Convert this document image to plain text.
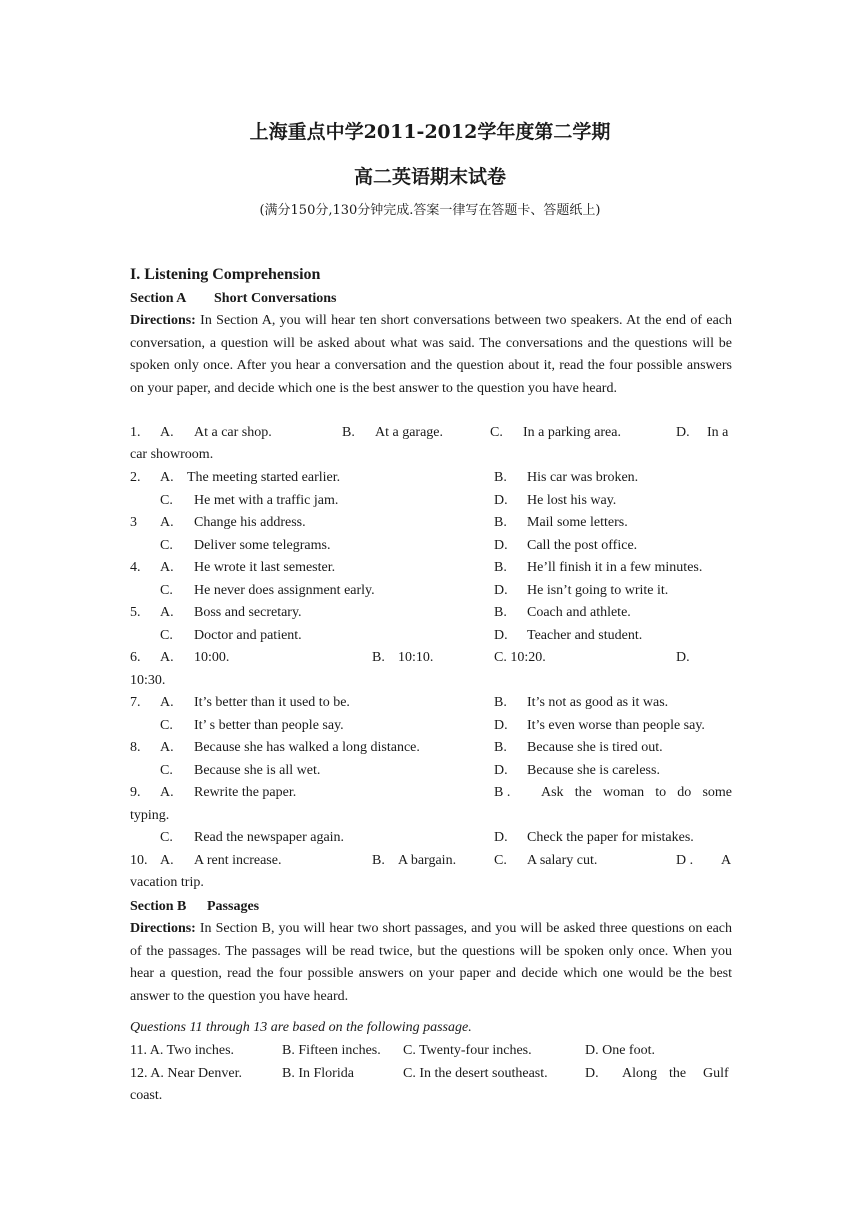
上海重点中学2011-2012学年度第二学期
高二英语期末试卷
(满分150分,130分钟完成.答案一律写在答题卡、答题纸上)
I. Listening Comprehension
Section A Short Conversations
Directions: In Section A, you will hear ten short conversations between two speakers. At the end of each conversation, a question will be asked about what was said. The conversations and the questions will be spoken only once. After you hear a conversation and the question about it, read the four possible answers on your paper, and decide which one is the best answer to the question you have heard.
1. A. At a car shop.	B. At a garage.	C. In a parking area.	D. In a
car showroom.
2. A. The meeting started earlier.	B. His car was broken.
C. He met with a traffic jam.	D. He lost his way.
3 A. Change his address.	B. Mail some letters.
C. Deliver some telegrams.	D. Call the post office.
4. A. He wrote it last semester.	B. He’ll finish it in a few minutes.
C. He never does assignment early.	D. He isn’t going to write it.
5. A. Boss and secretary.	B. Coach and athlete.
C. Doctor and patient.	D. Teacher and student.
6. A. 10:00.	B. 10:10.	C. 10:20.	D.
10:30.
7. A. It’s better than it used to be.	B. It’s not as good as it was.
C. It’ s better than people say.	D. It’s even worse than people say.
8. A. Because she has walked a long distance.	B. Because she is tired out.
C. Because she is all wet.	D. Because she is careless.
9. A. Rewrite the paper.	B . Ask the woman to do some
typing.
C. Read the newspaper again.	D. Check the paper for mistakes.
10. A. A rent increase.	B. A bargain.	C. A salary cut.	D . A
vacation trip.
Section B Passages
Directions: In Section B, you will hear two short passages, and you will be asked three questions on each of the passages. The passages will be read twice, but the questions will be spoken only once. When you hear a question, read the four possible answers on your paper and decide which one would be the best answer to the question you have heard.
Questions 11 through 13 are based on the following passage.
11. A. Two inches.	B. Fifteen inches. C. Twenty-four inches.	D. One foot.
12. A. Near Denver.	B. In Florida	C. In the desert southeast.	D. Along the Gulf
coast.
